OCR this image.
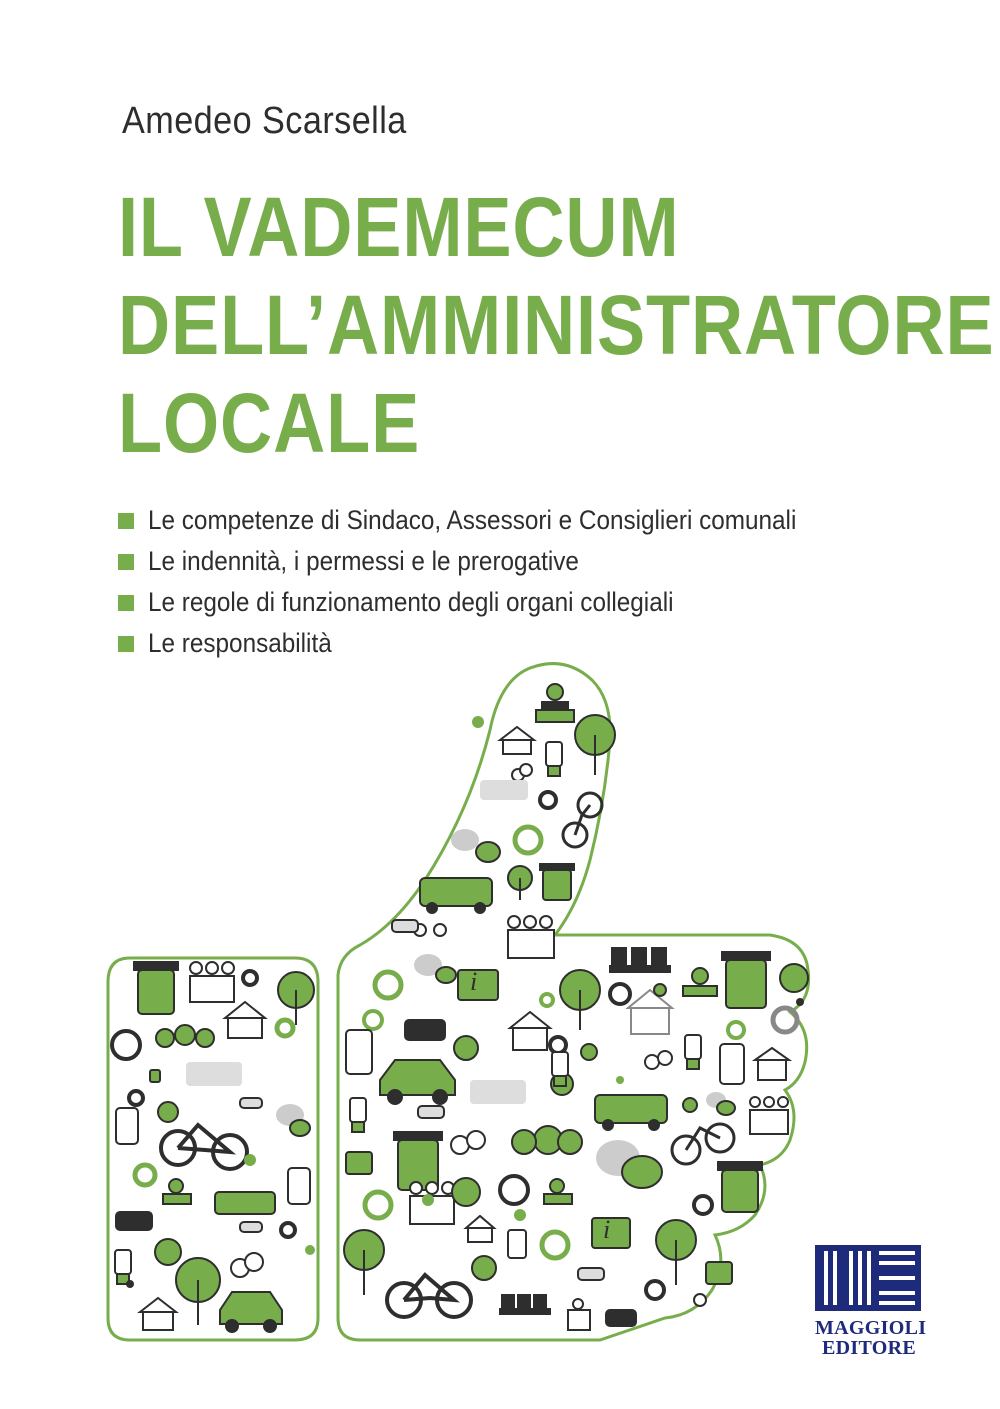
Amedeo Scarsella
IL VADEMECUM
DELL’AMMINISTRATORE
LOCALE
Le competenze di Sindaco, Assessori e Consiglieri comunali
Le indennità, i permessi e le prerogative
Le regole di funzionamento degli organi collegiali
Le responsabilità
i
i
MAGGIOLI
EDITORE
